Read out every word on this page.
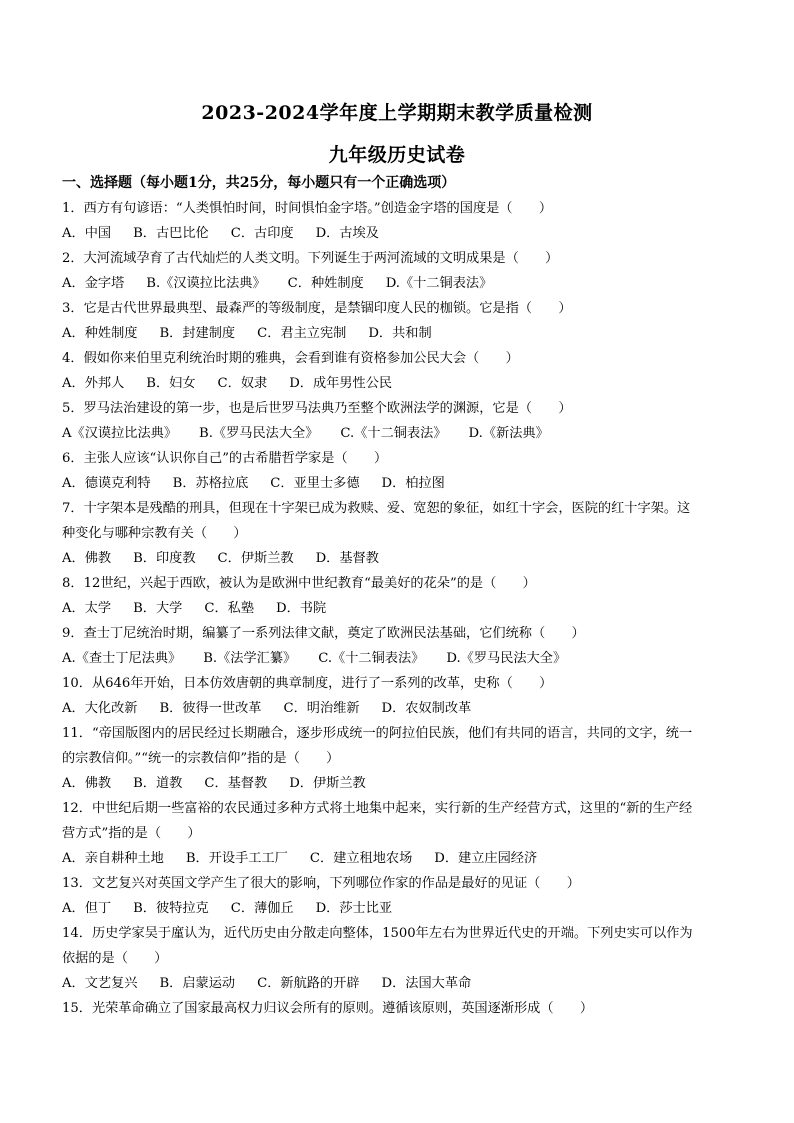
2023-2024学年度上学期期末教学质量检测
九年级历史试卷
一、选择题（每小题1分，共25分，每小题只有一个正确选项）
1．西方有句谚语：“人类惧怕时间，时间惧怕金字塔。”创造金字塔的国度是（　　）
A．中国 B．古巴比伦 C．古印度 D．古埃及
2．大河流域孕育了古代灿烂的人类文明。下列诞生于两河流域的文明成果是（　　）
A．金字塔 B.《汉谟拉比法典》 C．种姓制度 D.《十二铜表法》
3．它是古代世界最典型、最森严的等级制度，是禁锢印度人民的枷锁。它是指（　　）
A．种姓制度 B．封建制度 C．君主立宪制 D．共和制
4．假如你来伯里克利统治时期的雅典，会看到谁有资格参加公民大会（　　）
A．外邦人 B．妇女 C．奴隶 D．成年男性公民
5．罗马法治建设的第一步，也是后世罗马法典乃至整个欧洲法学的渊源，它是（　　）
A《汉谟拉比法典》 B.《罗马民法大全》 C.《十二铜表法》 D.《新法典》
6．主张人应该“认识你自己”的古希腊哲学家是（　　）
A．德谟克利特 B．苏格拉底 C．亚里士多德 D．柏拉图
7．十字架本是残酷的刑具，但现在十字架已成为救赎、爱、宽恕的象征，如红十字会，医院的红十字架。这
种变化与哪种宗教有关（　　）
A．佛教 B．印度教 C．伊斯兰教 D．基督教
8．12世纪，兴起于西欧，被认为是欧洲中世纪教育“最美好的花朵”的是（　　）
A．太学 B．大学 C．私塾 D．书院
9．查士丁尼统治时期，编纂了一系列法律文献，奠定了欧洲民法基础，它们统称（　　）
A.《查士丁尼法典》 B.《法学汇纂》 C.《十二铜表法》 D.《罗马民法大全》
10．从646年开始，日本仿效唐朝的典章制度，进行了一系列的改革，史称（　　）
A．大化改新 B．彼得一世改革 C．明治维新 D．农奴制改革
11．“帝国版图内的居民经过长期融合，逐步形成统一的阿拉伯民族，他们有共同的语言，共同的文字，统一
的宗教信仰。”“统一的宗教信仰”指的是（　　）
A．佛教 B．道教 C．基督教 D．伊斯兰教
12．中世纪后期一些富裕的农民通过多种方式将土地集中起来，实行新的生产经营方式，这里的“新的生产经
营方式”指的是（　　）
A．亲自耕种土地 B．开设手工工厂 C．建立租地农场 D．建立庄园经济
13．文艺复兴对英国文学产生了很大的影响，下列哪位作家的作品是最好的见证（　　）
A．但丁 B．彼特拉克 C．薄伽丘 D．莎士比亚
14．历史学家吴于廑认为，近代历史由分散走向整体，1500年左右为世界近代史的开端。下列史实可以作为
依据的是（　　）
A．文艺复兴 B．启蒙运动 C．新航路的开辟 D．法国大革命
15．光荣革命确立了国家最高权力归议会所有的原则。遵循该原则，英国逐渐形成（　　）
